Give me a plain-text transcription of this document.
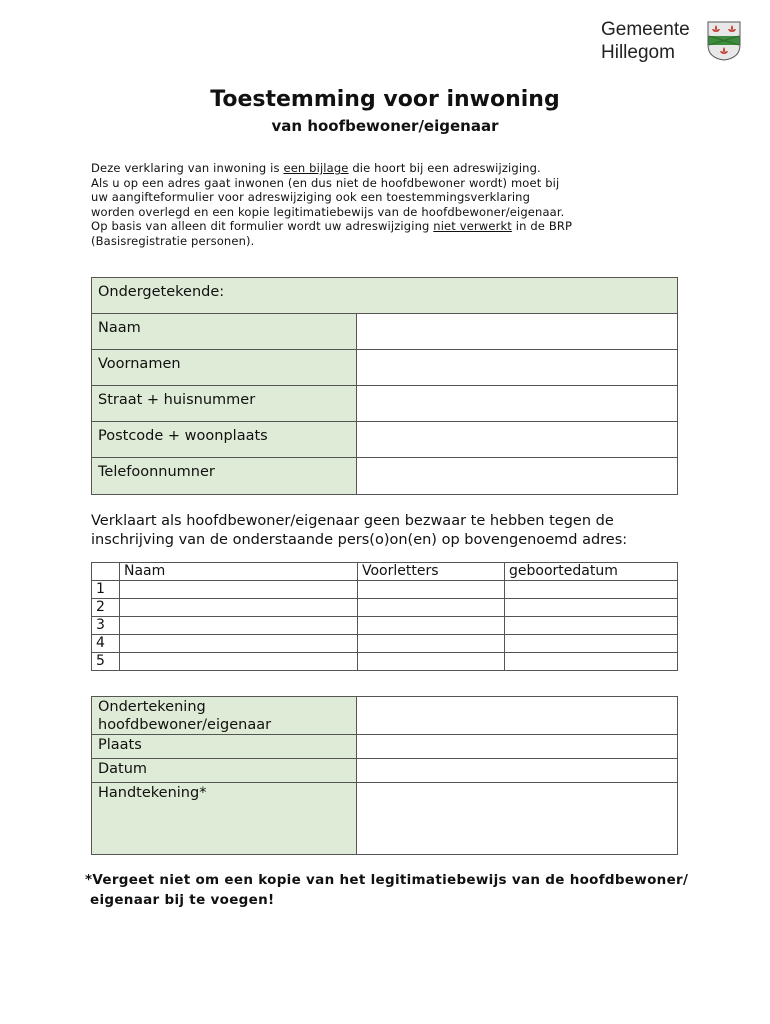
Gemeente
Hillegom
Toestemming voor inwoning
van hoofbewoner/eigenaar
Deze verklaring van inwoning is een bijlage die hoort bij een adreswijziging.
Als u op een adres gaat inwonen (en dus niet de hoofdbewoner wordt) moet bij
uw aangifteformulier voor adreswijziging ook een toestemmingsverklaring
worden overlegd en een kopie legitimatiebewijs van de hoofdbewoner/eigenaar.
Op basis van alleen dit formulier wordt uw adreswijziging niet verwerkt in de BRP
(Basisregistratie personen).
Ondergetekende:	
Naam	
Voornamen	
Straat + huisnummer	
Postcode + woonplaats	
Telefoonnumner	
Verklaart als hoofdbewoner/eigenaar geen bezwaar te hebben tegen de
inschrijving van de onderstaande pers(o)on(en) op bovengenoemd adres:
	Naam	Voorletters	geboortedatum
1			
2			
3			
4			
5			
Ondertekening
hoofdbewoner/eigenaar	

Plaats	
Datum	
Handtekening*	
*Vergeet niet om een kopie van het legitimatiebewijs van de hoofdbewoner/
eigenaar bij te voegen!
